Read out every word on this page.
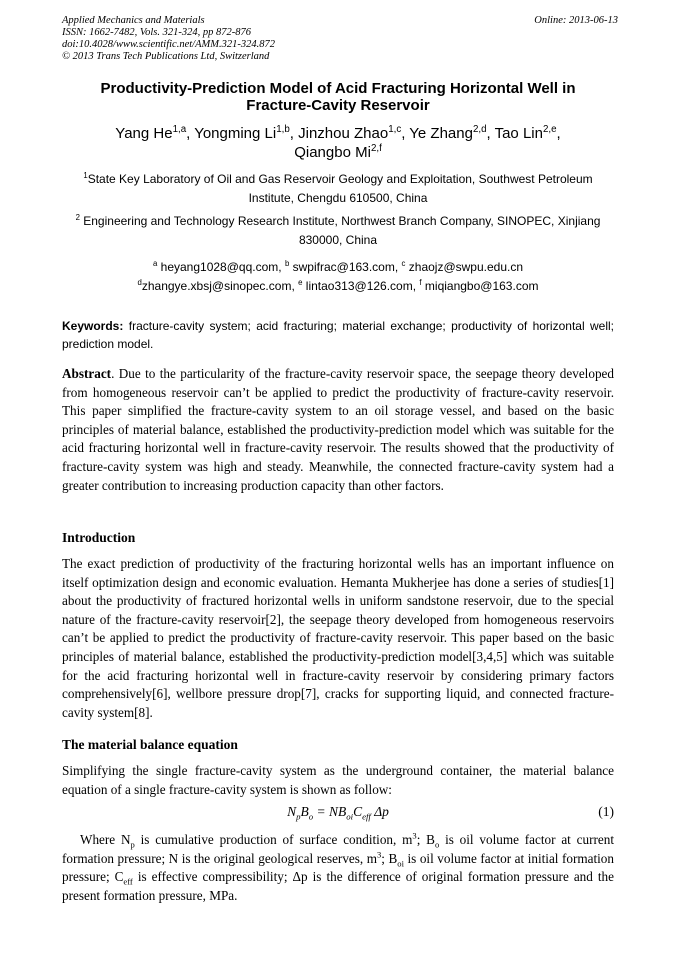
Applied Mechanics and Materials
ISSN: 1662-7482, Vols. 321-324, pp 872-876
doi:10.4028/www.scientific.net/AMM.321-324.872
© 2013 Trans Tech Publications Ltd, Switzerland
Online: 2013-06-13
Productivity-Prediction Model of Acid Fracturing Horizontal Well in
Fracture-Cavity Reservoir
Yang He$^{1,a}$, Yongming Li$^{1,b}$, Jinzhou Zhao$^{1,c}$, Ye Zhang$^{2,d}$, Tao Lin$^{2,e}$,
Qiangbo Mi$^{2,f}$
$^1$State Key Laboratory of Oil and Gas Reservoir Geology and Exploitation, Southwest Petroleum Institute, Chengdu 610500, China
$^2$ Engineering and Technology Research Institute, Northwest Branch Company, SINOPEC, Xinjiang 830000, China
$^a$ heyang1028@qq.com, $^b$ swpifrac@163.com, $^c$ zhaojz@swpu.edu.cn
$^d$zhangye.xbsj@sinopec.com, $^e$ lintao313@126.com, $^f$ miqiangbo@163.com
Keywords: fracture-cavity system; acid fracturing; material exchange; productivity of horizontal well; prediction model.
Abstract. Due to the particularity of the fracture-cavity reservoir space, the seepage theory developed from homogeneous reservoir can’t be applied to predict the productivity of fracture-cavity reservoir. This paper simplified the fracture-cavity system to an oil storage vessel, and based on the basic principles of material balance, established the productivity-prediction model which was suitable for the acid fracturing horizontal well in fracture-cavity reservoir. The results showed that the productivity of fracture-cavity system was high and steady. Meanwhile, the connected fracture-cavity system had a greater contribution to increasing production capacity than other factors.
Introduction
The exact prediction of productivity of the fracturing horizontal wells has an important influence on itself optimization design and economic evaluation. Hemanta Mukherjee has done a series of studies[1] about the productivity of fractured horizontal wells in uniform sandstone reservoir, due to the special nature of the fracture-cavity reservoir[2], the seepage theory developed from homogeneous reservoirs can’t be applied to predict the productivity of fracture-cavity reservoir. This paper based on the basic principles of material balance, established the productivity-prediction model[3,4,5] which was suitable for the acid fracturing horizontal well in fracture-cavity reservoir by considering primary factors comprehensively[6], wellbore pressure drop[7], cracks for supporting liquid, and connected fracture-cavity system[8].
The material balance equation
Simplifying the single fracture-cavity system as the underground container, the material balance equation of a single fracture-cavity system is shown as follow:
$N_pB_o = NB_{oi}C_{eff}$ Δp	(1)
Where $N_p$ is cumulative production of surface condition, $m^3$; $B_o$ is oil volume factor at current formation pressure; N is the original geological reserves, $m^3$; $B_{oi}$ is oil volume factor at initial formation pressure; $C_{eff}$ is effective compressibility; Δp is the difference of original formation pressure and the present formation pressure, MPa.
